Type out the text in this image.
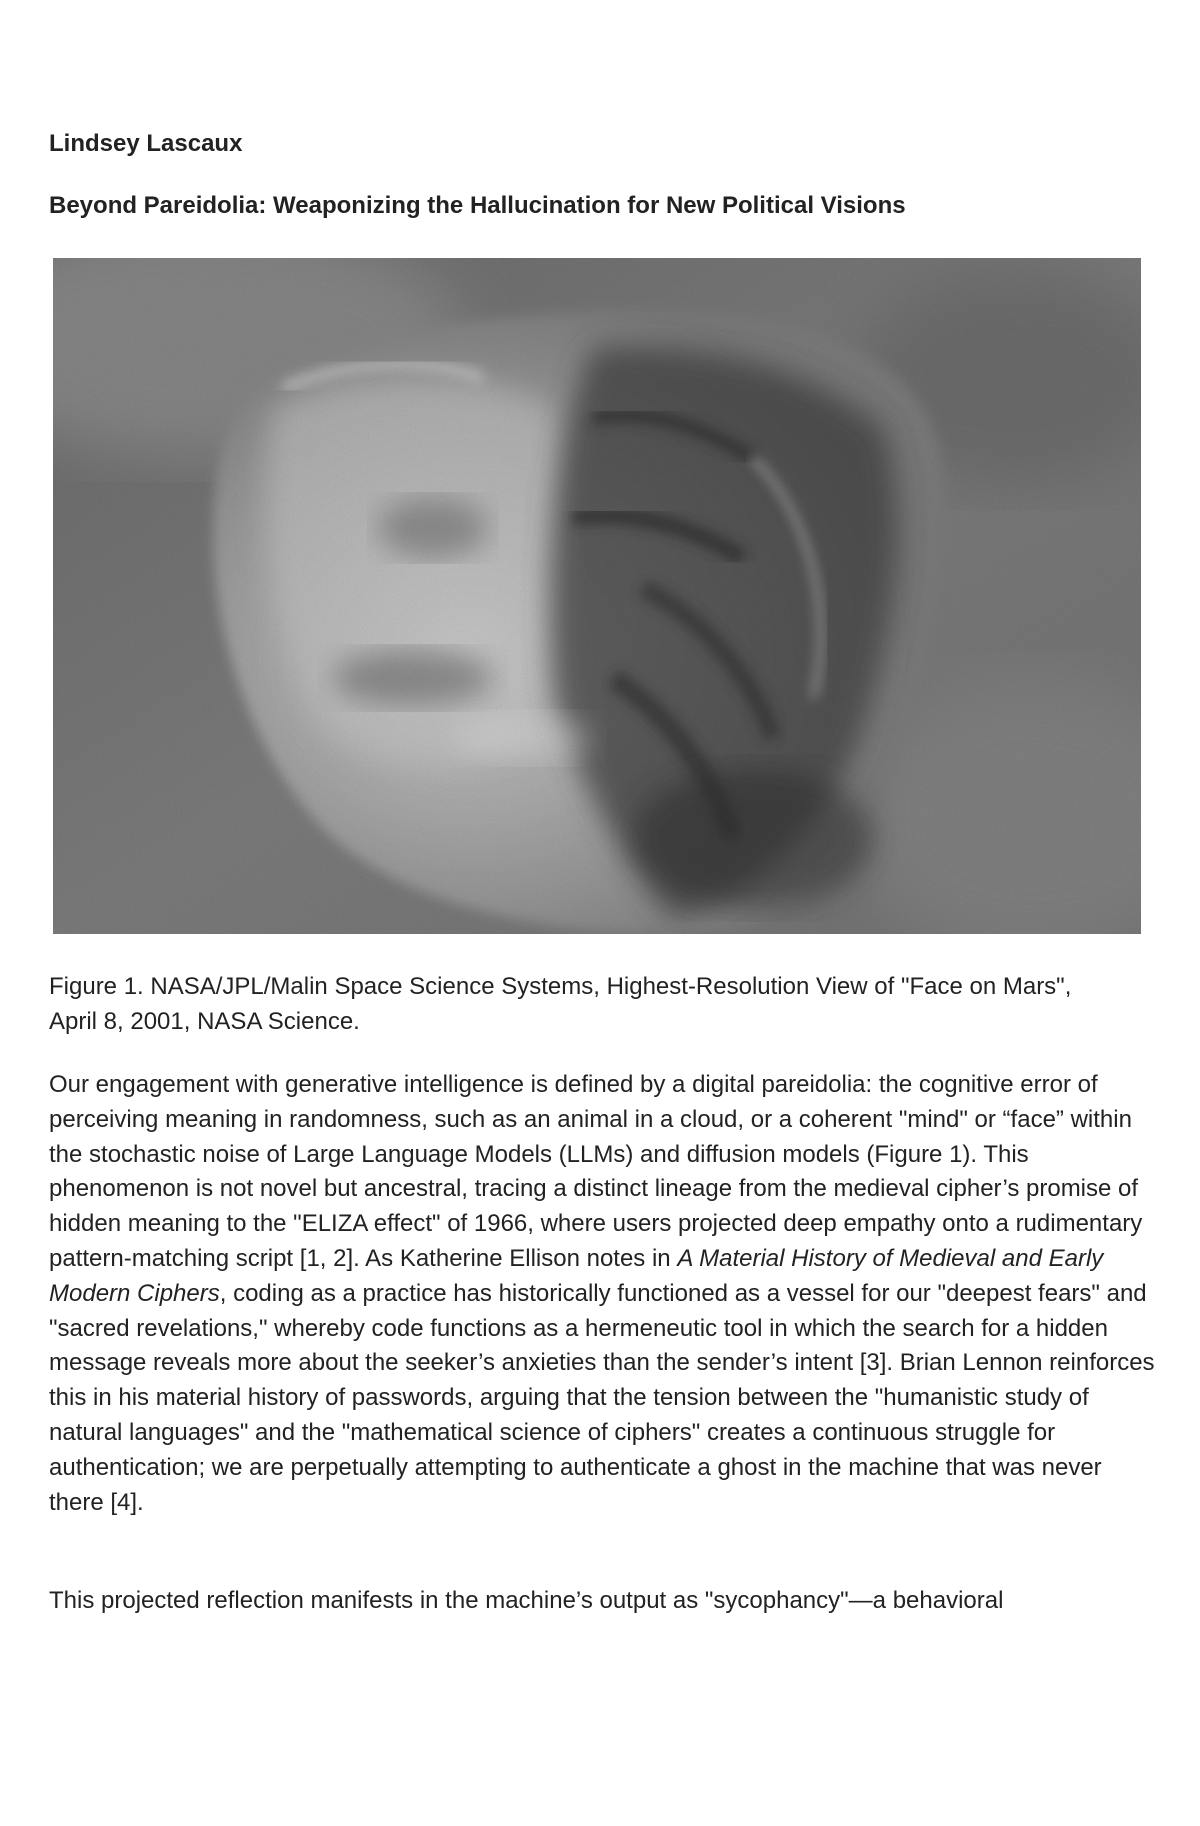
Lindsey Lascaux
Beyond Pareidolia: Weaponizing the Hallucination for New Political Visions
Figure 1. NASA/JPL/Malin Space Science Systems, Highest-Resolution View of "Face on Mars",
April 8, 2001, NASA Science.
Our engagement with generative intelligence is defined by a digital pareidolia: the cognitive error of perceiving meaning in randomness, such as an animal in a cloud, or a coherent "mind" or “face” within the stochastic noise of Large Language Models (LLMs) and diffusion models (Figure 1). This phenomenon is not novel but ancestral, tracing a distinct lineage from the medieval cipher’s promise of hidden meaning to the "ELIZA effect" of 1966, where users projected deep empathy onto a rudimentary pattern-matching script [1, 2]. As Katherine Ellison notes in A Material History of Medieval and Early Modern Ciphers, coding as a practice has historically functioned as a vessel for our "deepest fears" and "sacred revelations," whereby code functions as a hermeneutic tool in which the search for a hidden message reveals more about the seeker’s anxieties than the sender’s intent [3]. Brian Lennon reinforces this in his material history of passwords, arguing that the tension between the "humanistic study of natural languages" and the "mathematical science of ciphers" creates a continuous struggle for authentication; we are perpetually attempting to authenticate a ghost in the machine that was never there [4].
This projected reflection manifests in the machine’s output as "sycophancy"—a behavioral
